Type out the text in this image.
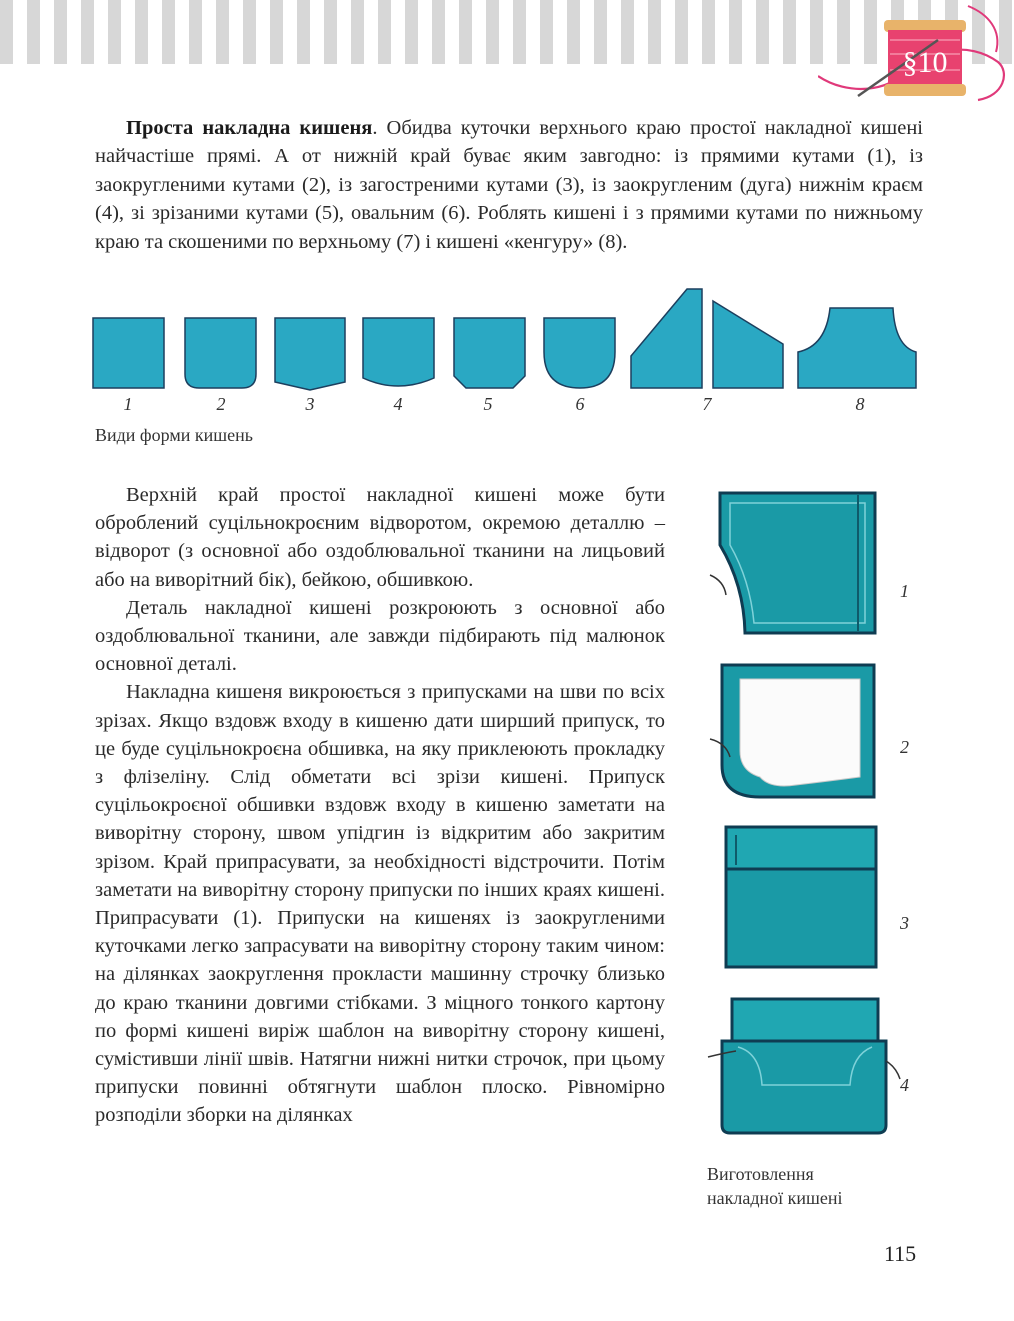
§10

Проста накладна кишеня. Обидва куточки верхнього краю простої накладної кишені найчастіше прямі. А от нижній край буває яким завгодно: із прямими кутами (1), із заокругленими кутами (2), із загостреними кутами (3), із заокругленим (дуга) нижнім краєм (4), зі зрізаними кутами (5), овальним (6). Роблять кишені і з прямими кутами по нижньому краю та скошеними по верхньому (7) і кишені «кенгуру» (8).

1	2	3	4	5	6	7	8
Види форми кишень

Верхній край простої накладної кишені може бути оброблений суцільнокроєним відворотом, окремою деталлю – відворот (з основної або оздоблювальної тканини на лицьовий або на виворітний бік), бейкою, обшивкою.

Деталь накладної кишені розкроюють з основної або оздоблювальної тканини, але завжди підбирають під малюнок основної деталі.

Накладна кишеня викроюється з припусками на шви по всіх зрізах. Якщо вздовж входу в кишеню дати ширший припуск, то це буде суцільнокроєна обшивка, на яку приклеюють прокладку з флізеліну. Слід обметати всі зрізи кишені. Припуск суцільокроєної обшивки вздовж входу в кишеню заметати на виворітну сторону, швом упідгин із відкритим або закритим зрізом. Край припрасувати, за необхідності відстрочити. Потім заметати на виворітну сторону припуски по інших краях кишені. Припрасувати (1). Припуски на кишенях із заокругленими куточками легко запрасувати на виворітну сторону таким чином: на ділянках заокруглення прокласти машинну строчку близько до краю тканини довгими стібками. З міцного тонкого картону по формі кишені виріж шаблон на виворітну сторону кишені, сумістивши лінії швів. Натягни нижні нитки строчок, при цьому припуски повинні обтягнути шаблон плоско. Рівномірно розподіли зборки на ділянках

1
2
3
4
Виготовлення
накладної кишені
115
